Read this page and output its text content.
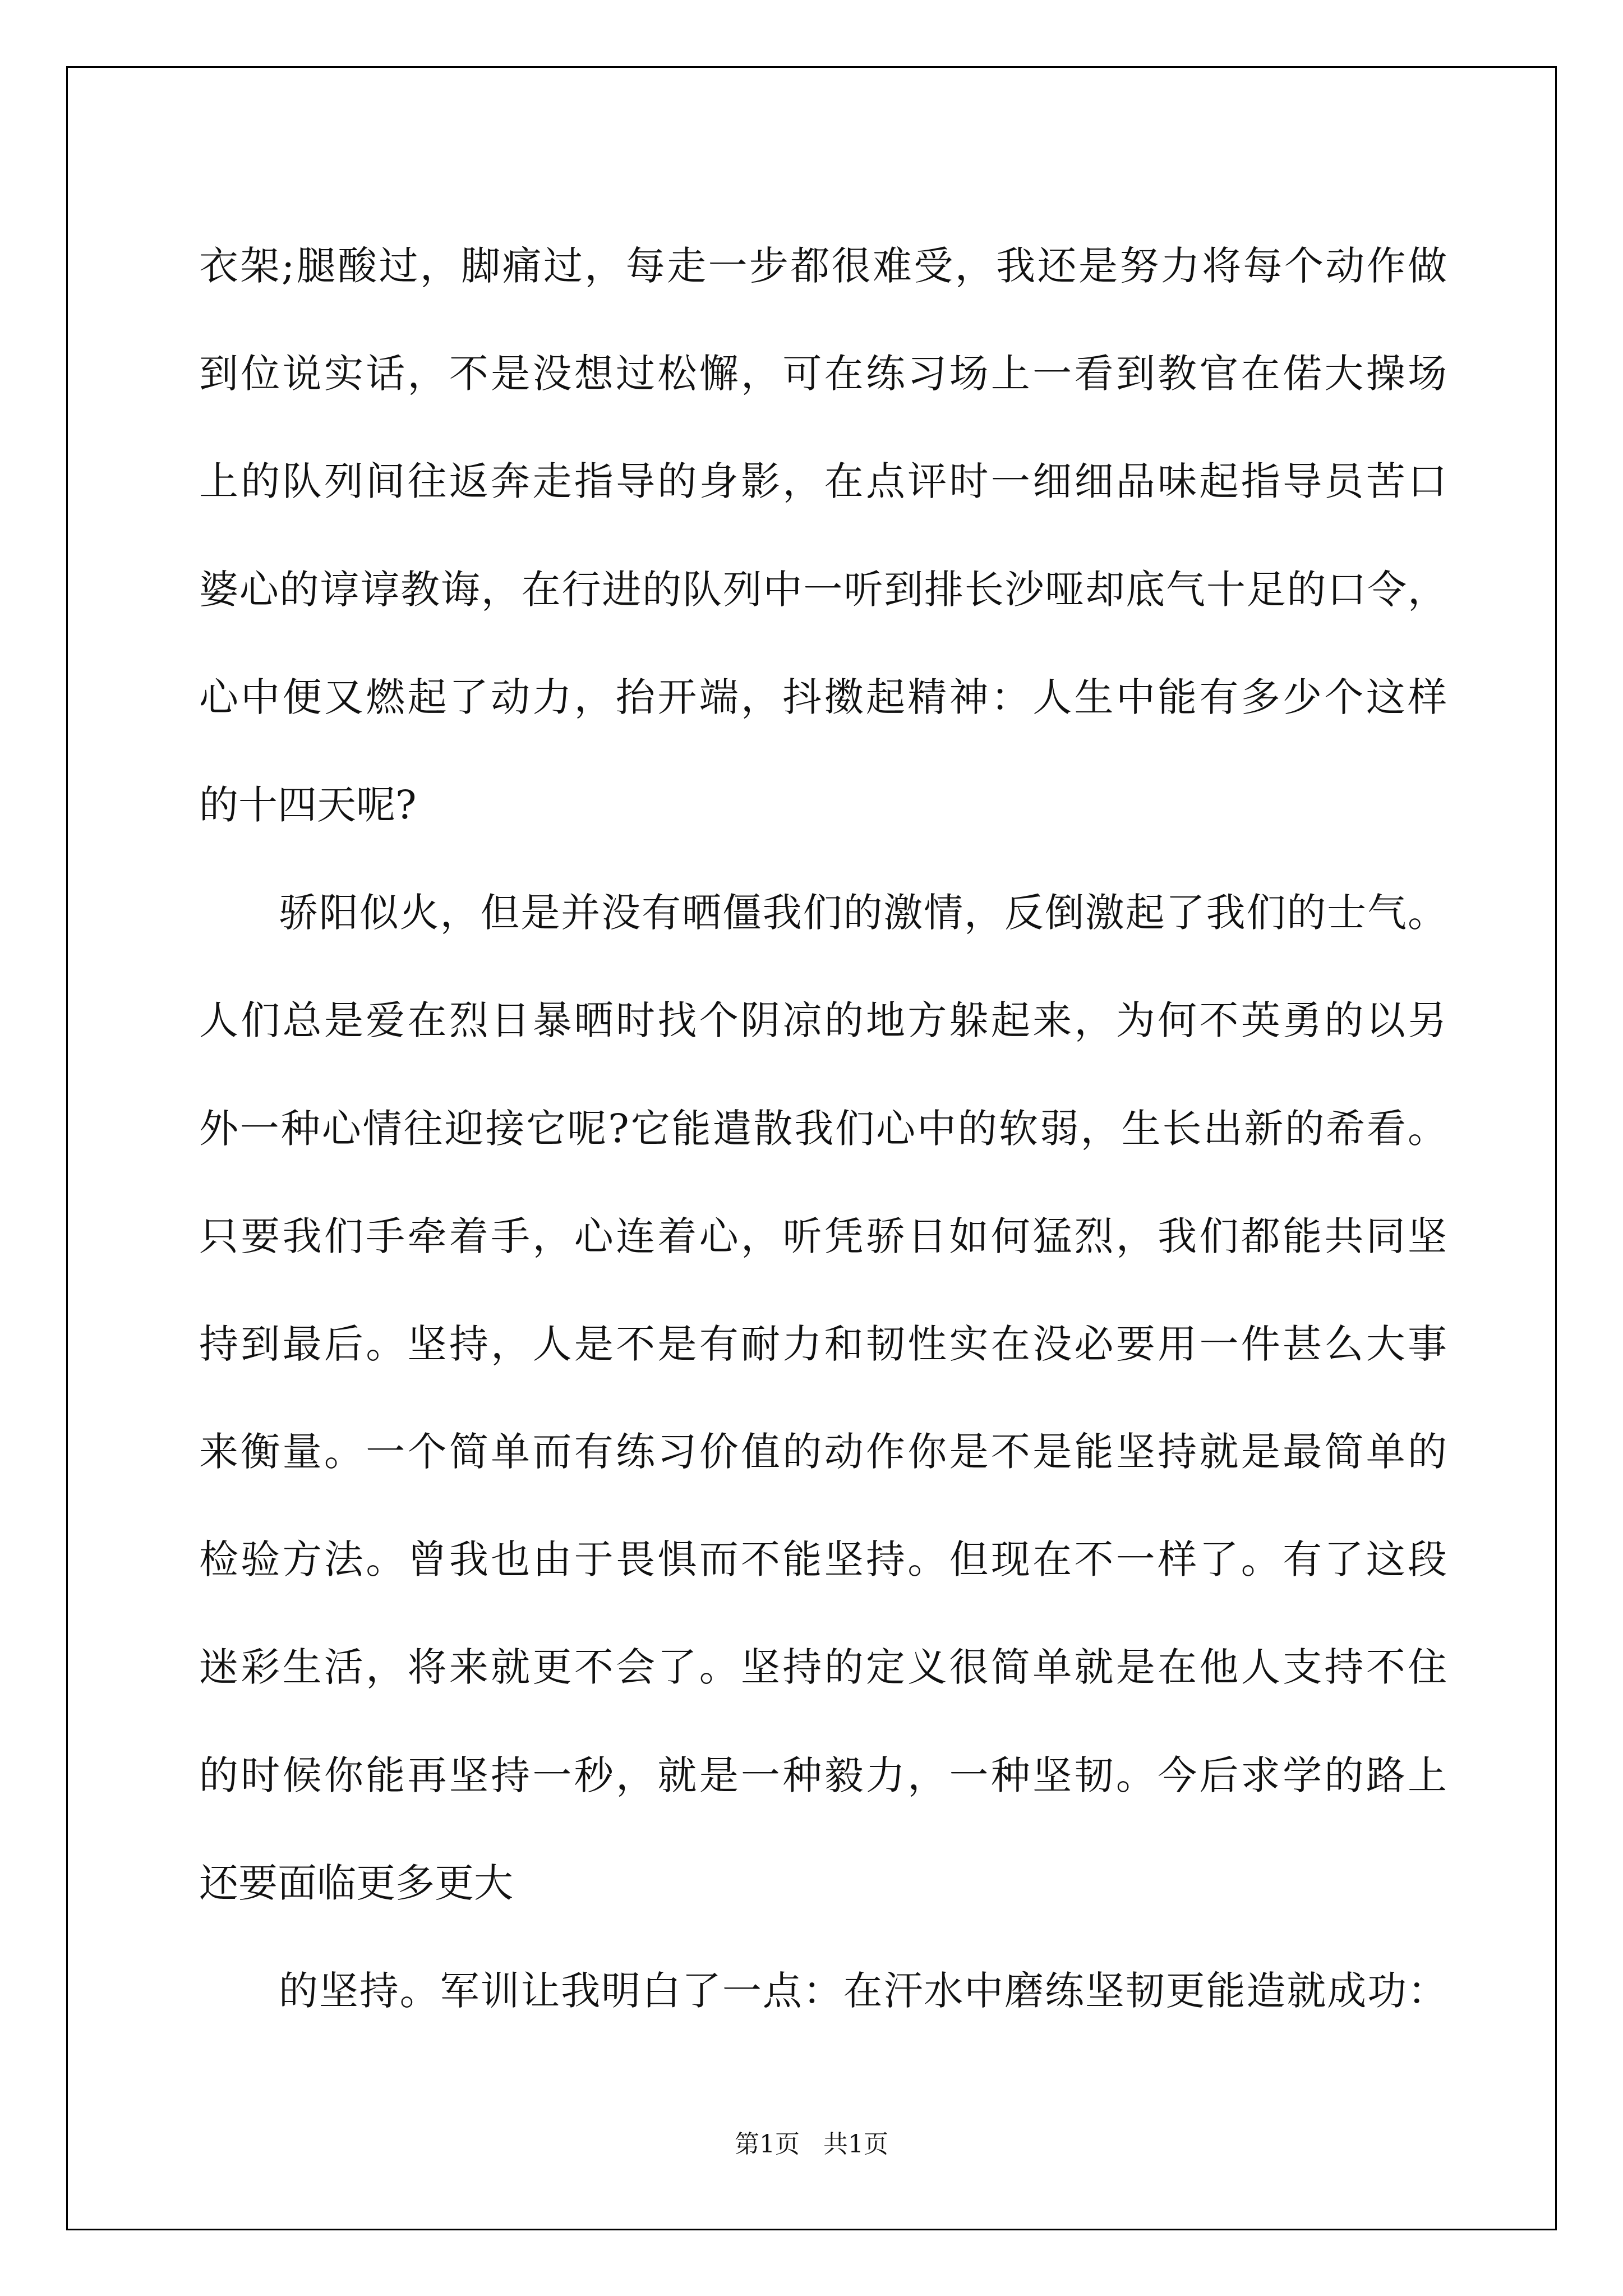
衣架;腿酸过，脚痛过，每走一步都很难受，我还是努力将每个动作做
到位说实话，不是没想过松懈，可在练习场上一看到教官在偌大操场
上的队列间往返奔走指导的身影，在点评时一细细品味起指导员苦口
婆心的谆谆教诲，在行进的队列中一听到排长沙哑却底气十足的口令，
心中便又燃起了动力，抬开端，抖擞起精神：人生中能有多少个这样
的十四天呢?
骄阳似火，但是并没有晒僵我们的激情，反倒激起了我们的士气。
人们总是爱在烈日暴晒时找个阴凉的地方躲起来，为何不英勇的以另
外一种心情往迎接它呢?它能遣散我们心中的软弱，生长出新的希看。
只要我们手牵着手，心连着心，听凭骄日如何猛烈，我们都能共同坚
持到最后。坚持，人是不是有耐力和韧性实在没必要用一件甚么大事
来衡量。一个简单而有练习价值的动作你是不是能坚持就是最简单的
检验方法。曾我也由于畏惧而不能坚持。但现在不一样了。有了这段
迷彩生活，将来就更不会了。坚持的定义很简单就是在他人支持不住
的时候你能再坚持一秒，就是一种毅力，一种坚韧。今后求学的路上
还要面临更多更大
的坚持。军训让我明白了一点：在汗水中磨练坚韧更能造就成功：
第1页   共1页
